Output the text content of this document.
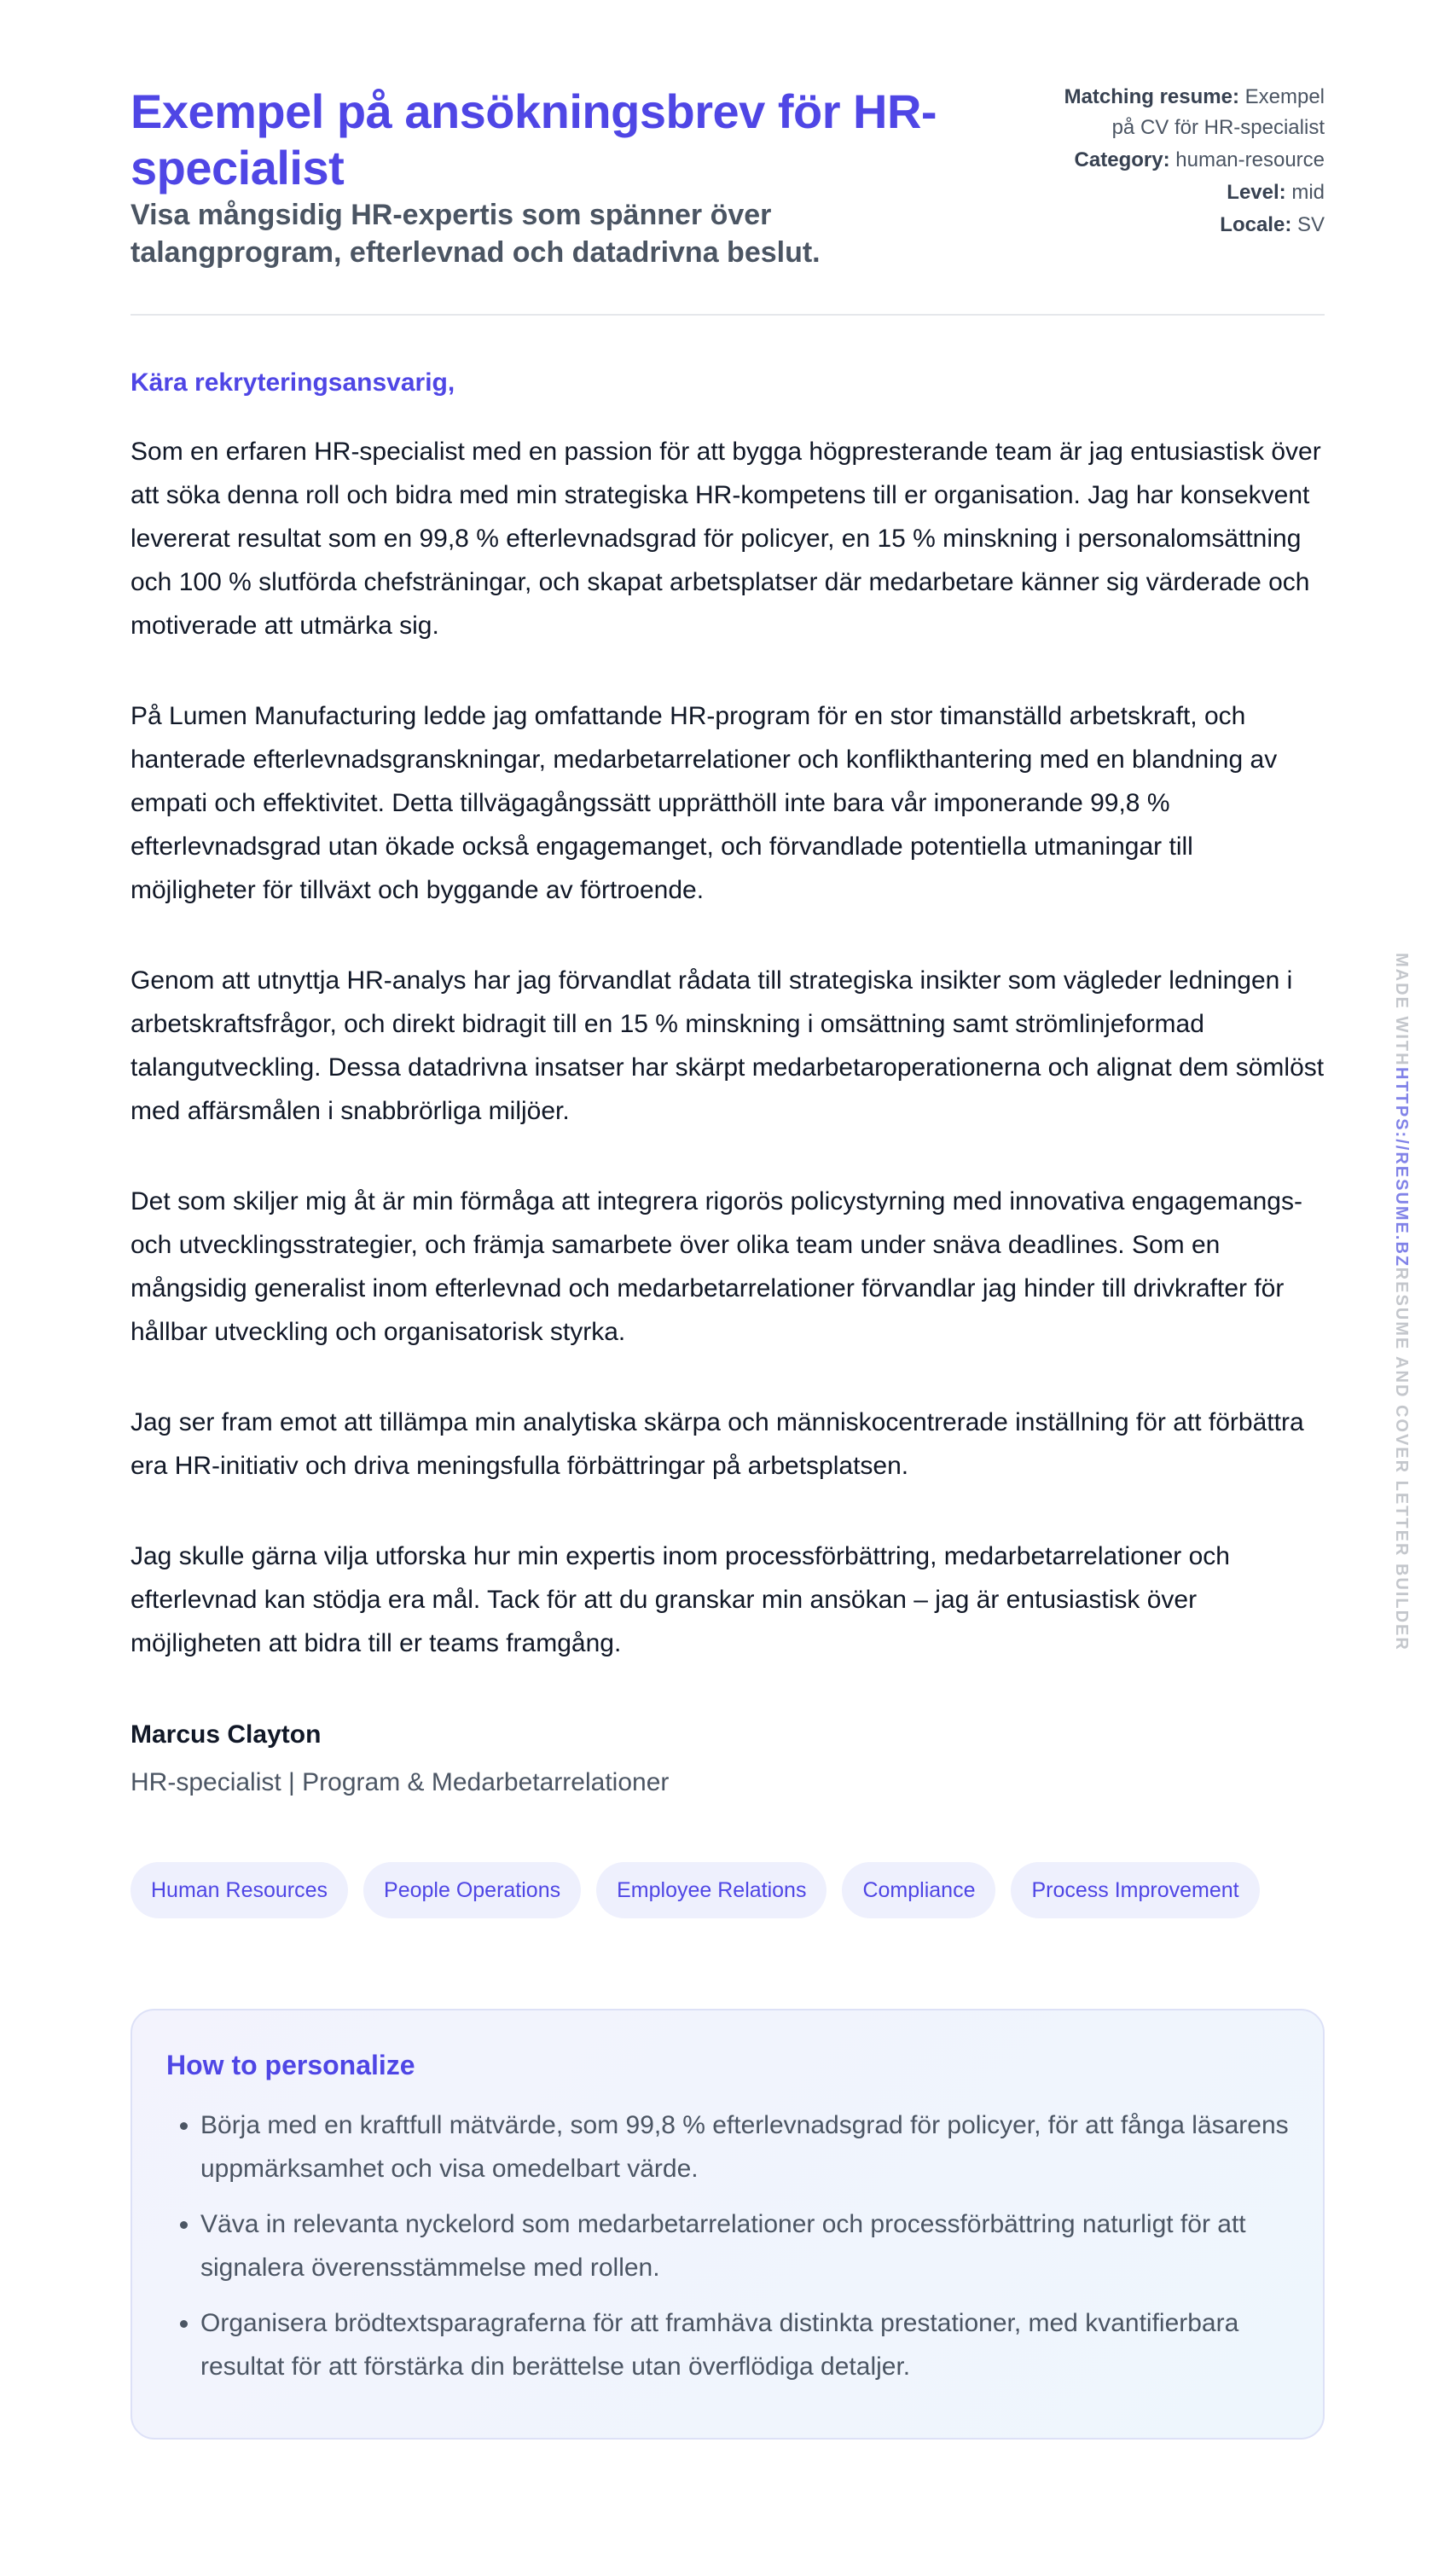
Exempel på ansökningsbrev för HR-specialist

Visa mångsidig HR-expertis som spänner över talangprogram, efterlevnad och datadrivna beslut.

Matching resume: Exempel på CV för HR-specialist
Category: human-resource
Level: mid
Locale: SV
Kära rekryteringsansvarig,

Som en erfaren HR-specialist med en passion för att bygga högpresterande team är jag entusiastisk över att söka denna roll och bidra med min strategiska HR-kompetens till er organisation. Jag har konsekvent levererat resultat som en 99,8 % efterlevnadsgrad för policyer, en 15 % minskning i personalomsättning och 100 % slutförda chefsträningar, och skapat arbetsplatser där medarbetare känner sig värderade och motiverade att utmärka sig.

På Lumen Manufacturing ledde jag omfattande HR-program för en stor timanställd arbetskraft, och hanterade efterlevnadsgranskningar, medarbetarrelationer och konflikthantering med en blandning av empati och effektivitet. Detta tillvägagångssätt upprätthöll inte bara vår imponerande 99,8 % efterlevnadsgrad utan ökade också engagemanget, och förvandlade potentiella utmaningar till möjligheter för tillväxt och byggande av förtroende.

Genom att utnyttja HR-analys har jag förvandlat rådata till strategiska insikter som vägleder ledningen i arbetskraftsfrågor, och direkt bidragit till en 15 % minskning i omsättning samt strömlinjeformad talangutveckling. Dessa datadrivna insatser har skärpt medarbetaroperationerna och alignat dem sömlöst med affärsmålen i snabbrörliga miljöer.

Det som skiljer mig åt är min förmåga att integrera rigorös policystyrning med innovativa engagemangs- och utvecklingsstrategier, och främja samarbete över olika team under snäva deadlines. Som en mångsidig generalist inom efterlevnad och medarbetarrelationer förvandlar jag hinder till drivkrafter för hållbar utveckling och organisatorisk styrka.

Jag ser fram emot att tillämpa min analytiska skärpa och människocentrerade inställning för att förbättra era HR-initiativ och driva meningsfulla förbättringar på arbetsplatsen.

Jag skulle gärna vilja utforska hur min expertis inom processförbättring, medarbetarrelationer och efterlevnad kan stödja era mål. Tack för att du granskar min ansökan – jag är entusiastisk över möjligheten att bidra till er teams framgång.

Marcus Clayton
HR-specialist | Program & Medarbetarrelationer
Human Resources	People Operations	Employee Relations	Compliance	Process Improvement
How to personalize
• Börja med en kraftfull mätvärde, som 99,8 % efterlevnadsgrad för policyer, för att fånga läsarens uppmärksamhet och visa omedelbart värde.
• Väva in relevanta nyckelord som medarbetarrelationer och processförbättring naturligt för att signalera överensstämmelse med rollen.
• Organisera brödtextsparagraferna för att framhäva distinkta prestationer, med kvantifierbara resultat för att förstärka din berättelse utan överflödiga detaljer.
MADE WITHHTTPS://RESUME.BZRESUME AND COVER LETTER BUILDER
